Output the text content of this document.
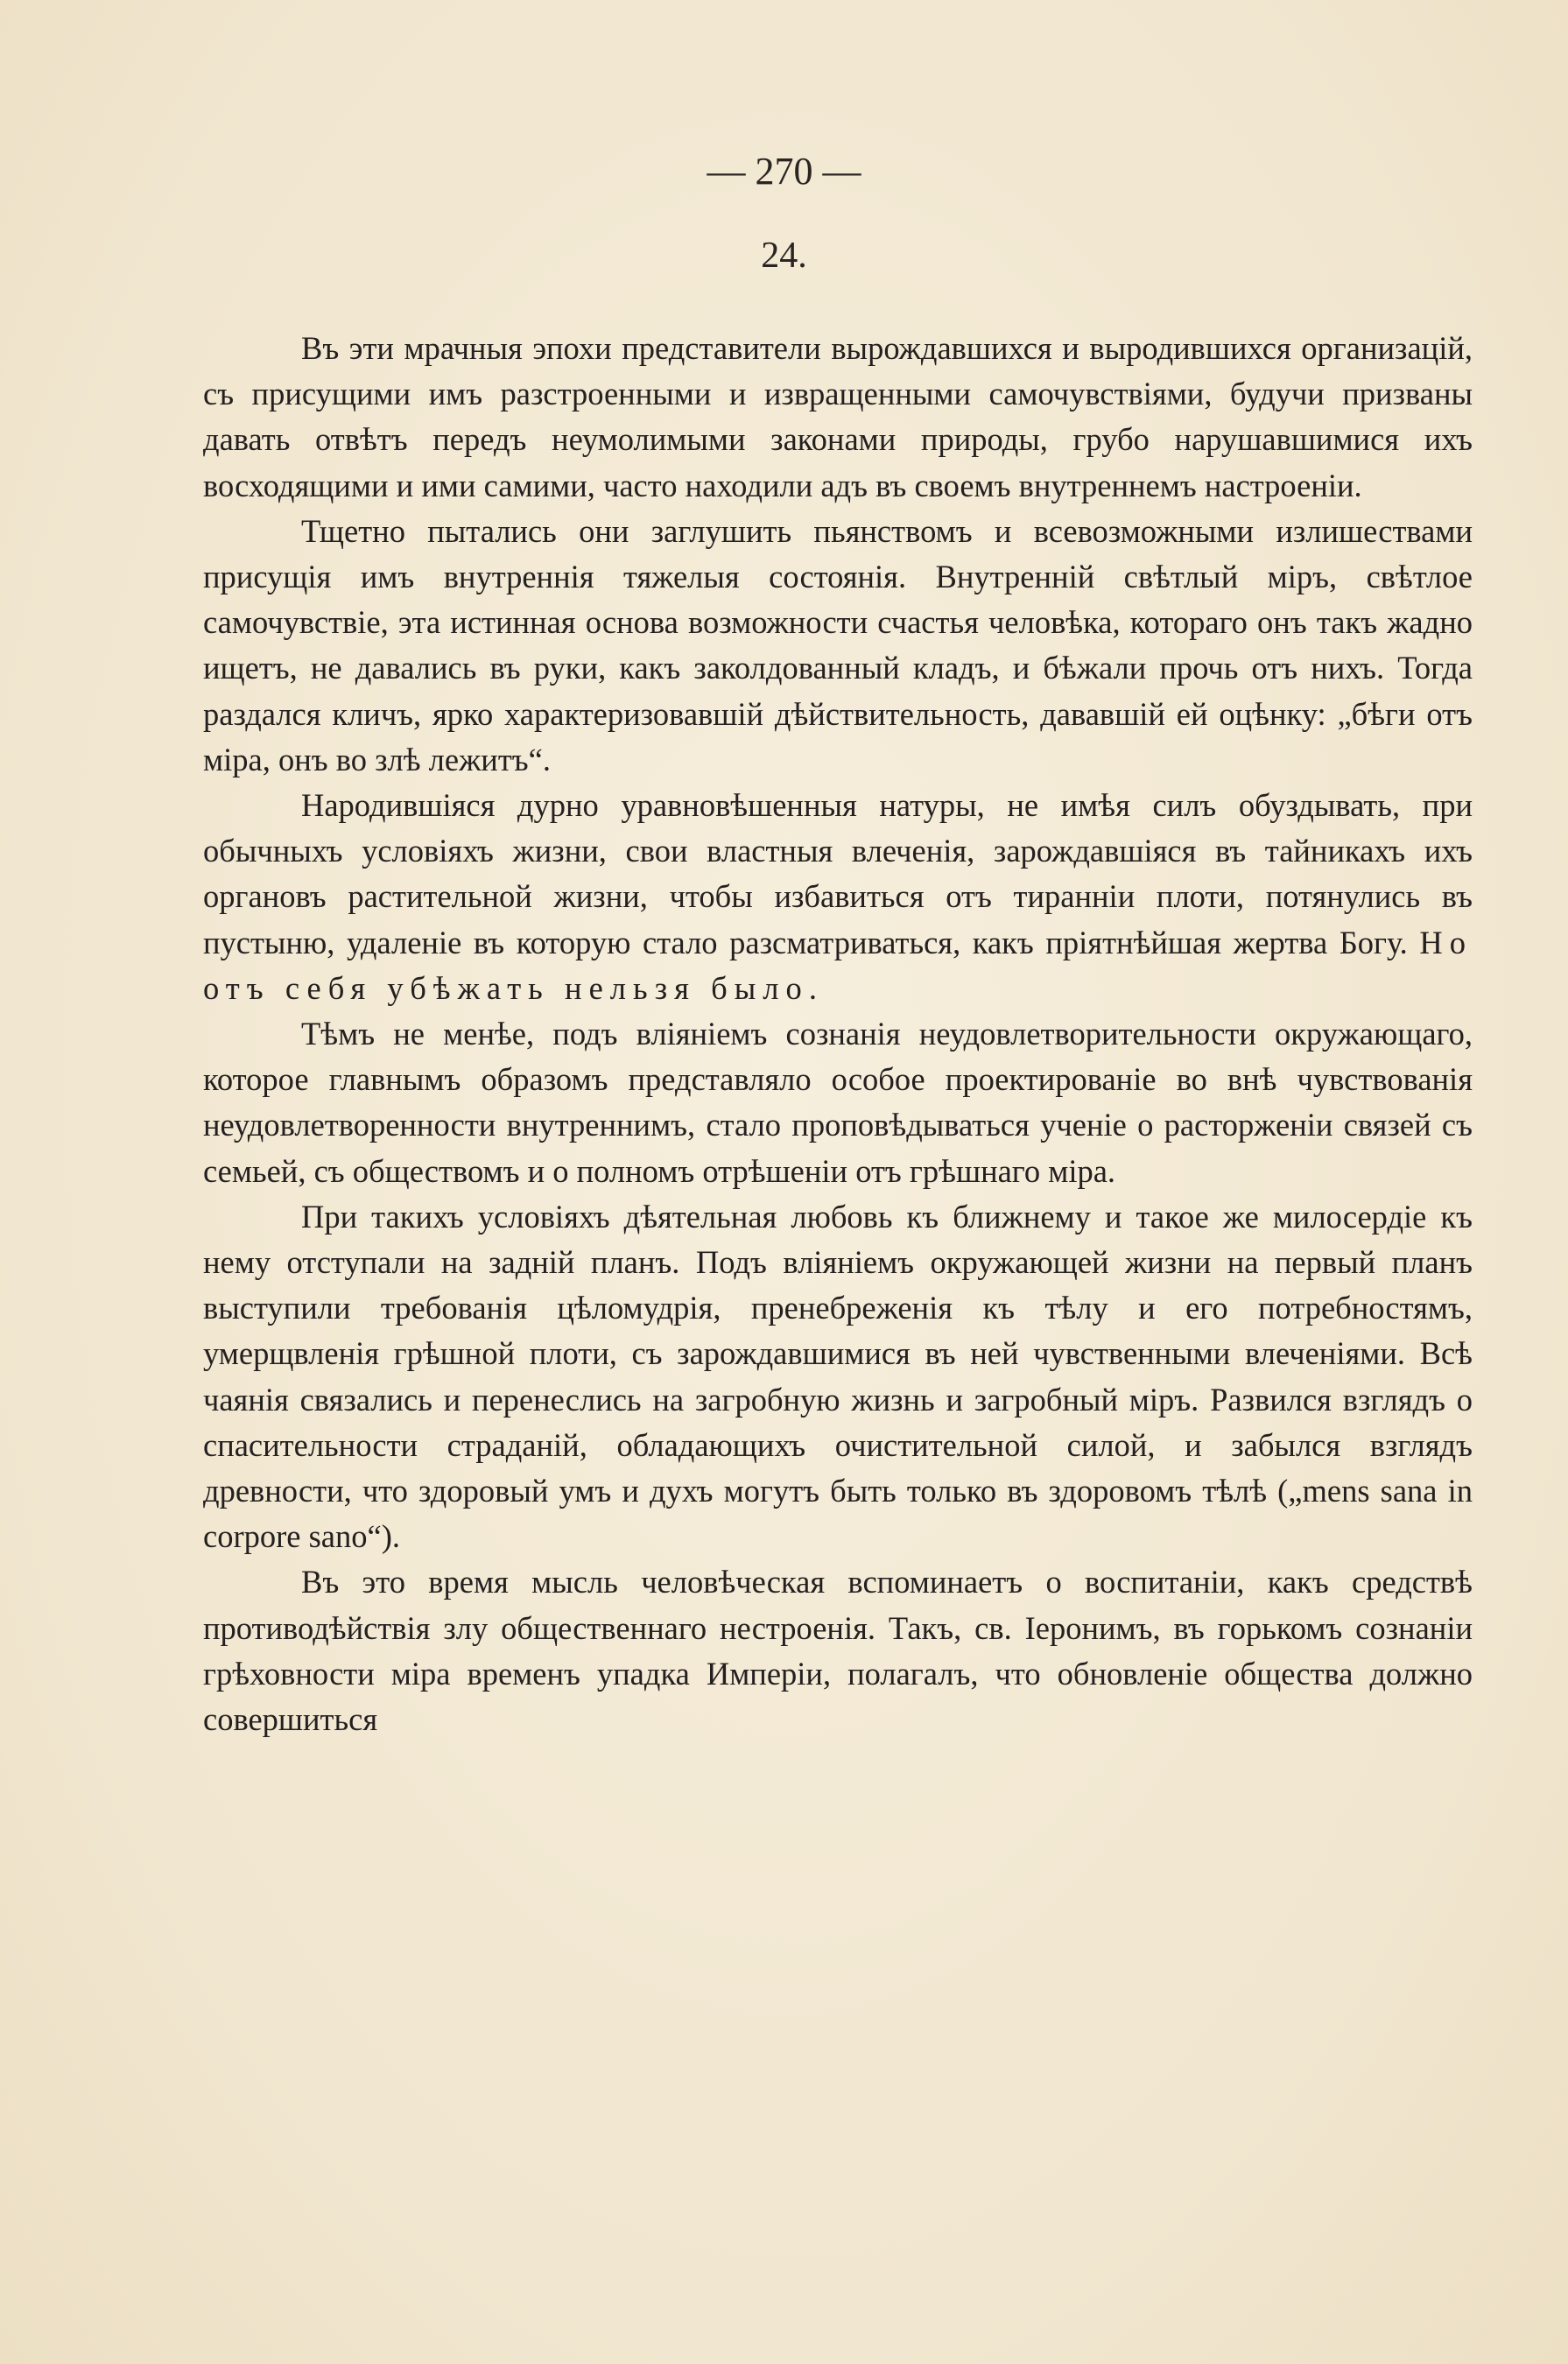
— 270 —
24.

Въ эти мрачныя эпохи представители вырождавшихся и выродившихся организацій, съ присущими имъ разстроенными и извращенными самочувствіями, будучи призваны давать отвѣтъ передъ неумолимыми законами природы, грубо нарушавшимися ихъ восходящими и ими самими, часто находили адъ въ своемъ внутреннемъ настроеніи.

Тщетно пытались они заглушить пьянствомъ и всевозможными излишествами присущія имъ внутреннія тяжелыя состоянія. Внутренній свѣтлый міръ, свѣтлое самочувствіе, эта истинная основа возможности счастья человѣка, котораго онъ такъ жадно ищетъ, не давались въ руки, какъ заколдованный кладъ, и бѣжали прочь отъ нихъ. Тогда раздался кличъ, ярко характеризовавшій дѣйствительность, дававшій ей оцѣнку: „бѣги отъ міра, онъ во злѣ лежитъ“.

Народившіяся дурно уравновѣшенныя натуры, не имѣя силъ обуздывать, при обычныхъ условіяхъ жизни, свои властныя влеченія, зарождавшіяся въ тайникахъ ихъ органовъ растительной жизни, чтобы избавиться отъ тиранніи плоти, потянулись въ пустыню, удаленіе въ которую стало разсматриваться, какъ пріятнѣйшая жертва Богу. Но отъ себя убѣжать нельзя было.

Тѣмъ не менѣе, подъ вліяніемъ сознанія неудовлетворительности окружающаго, которое главнымъ образомъ представляло особое проектированіе во внѣ чувствованія неудовлетворенности внутреннимъ, стало проповѣдываться ученіе о расторженіи связей съ семьей, съ обществомъ и о полномъ отрѣшеніи отъ грѣшнаго міра.

При такихъ условіяхъ дѣятельная любовь къ ближнему и такое же милосердіе къ нему отступали на задній планъ. Подъ вліяніемъ окружающей жизни на первый планъ выступили требованія цѣломудрія, пренебреженія къ тѣлу и его потребностямъ, умерщвленія грѣшной плоти, съ зарождавшимися въ ней чувственными влеченіями. Всѣ чаянія связались и перенеслись на загробную жизнь и загробный міръ. Развился взглядъ о спасительности страданій, обладающихъ очистительной силой, и забылся взглядъ древности, что здоровый умъ и духъ могутъ быть только въ здоровомъ тѣлѣ („mens sana in corpore sano“).

Въ это время мысль человѣческая вспоминаетъ о воспитаніи, какъ средствѣ противодѣйствія злу общественнаго нестроенія. Такъ, св. Іеронимъ, въ горькомъ сознаніи грѣховности міра временъ упадка Имперіи, полагалъ, что обновленіе общества должно совершиться
